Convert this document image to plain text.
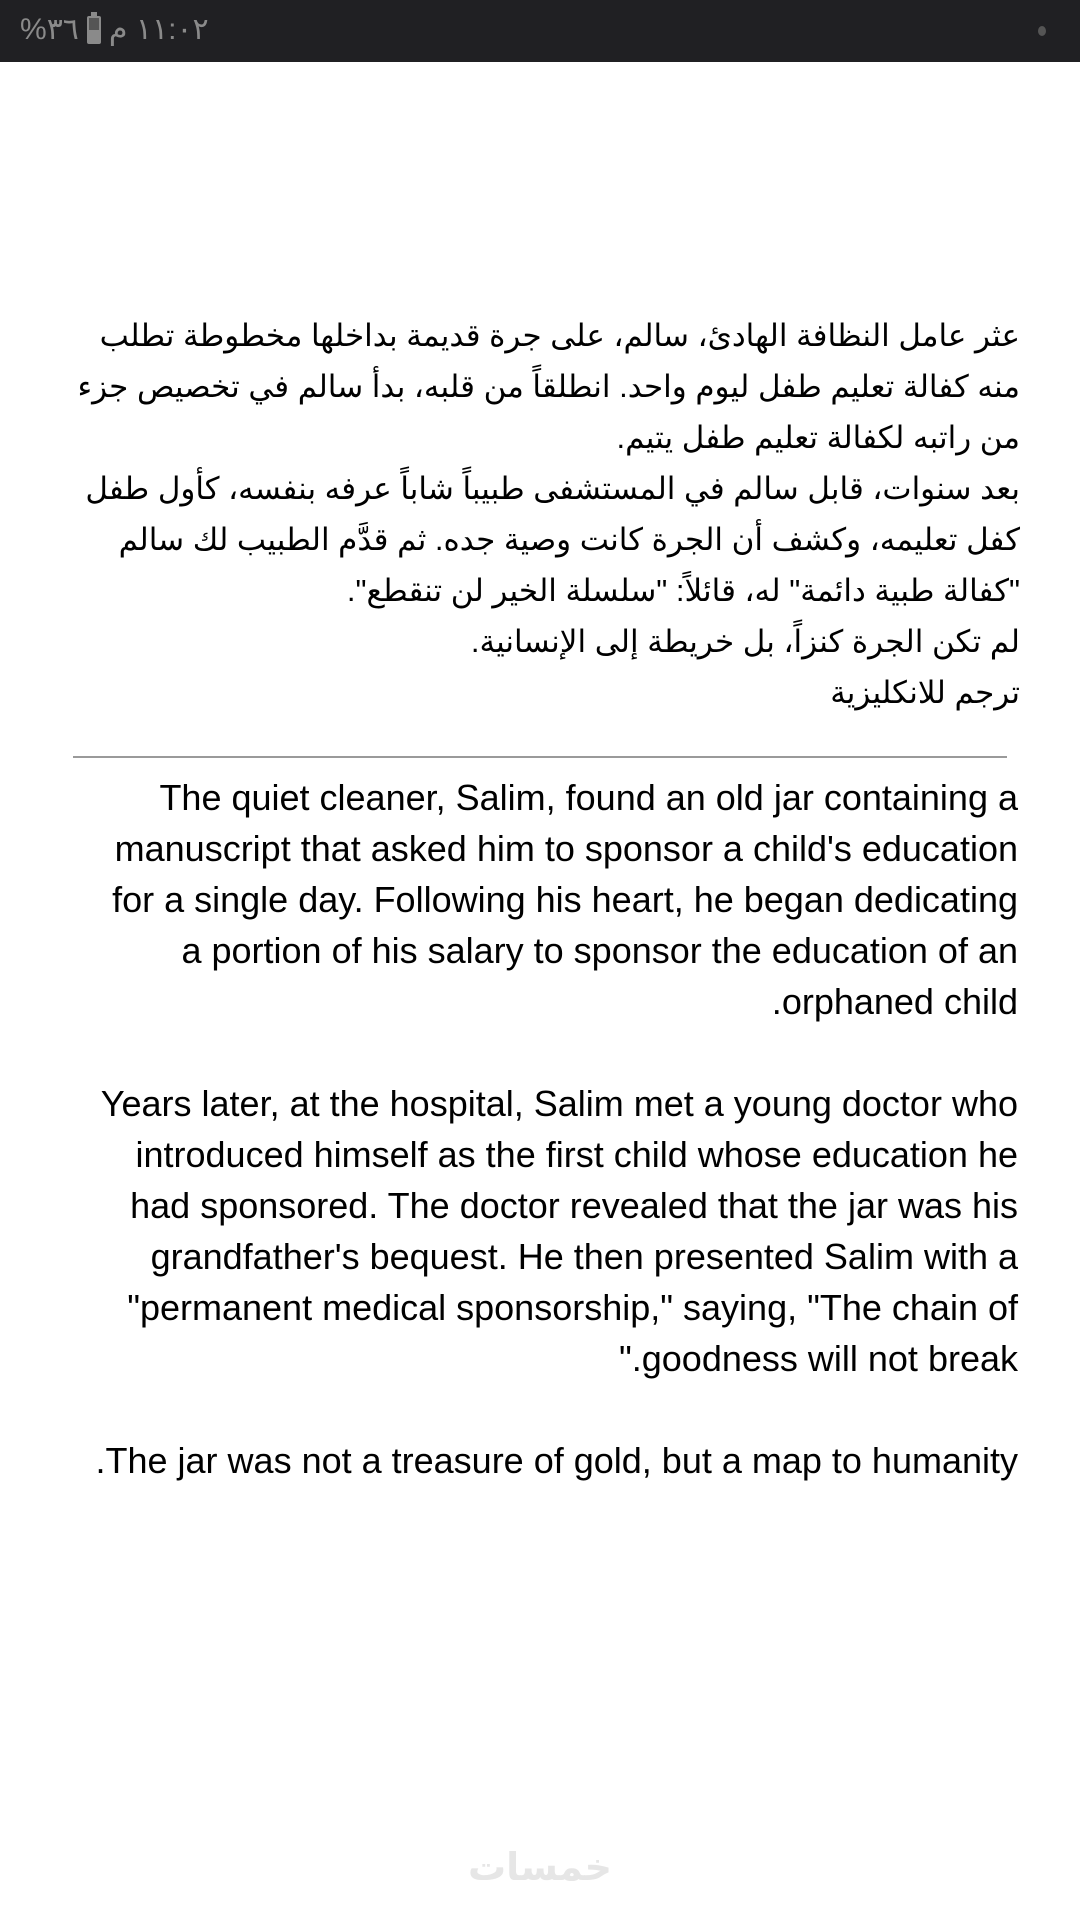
٣٦% ١١:٠٢ م

عثر عامل النظافة الهادئ، سالم، على جرة قديمة بداخلها مخطوطة تطلب منه كفالة تعليم طفل ليوم واحد. انطلقاً من قلبه، بدأ سالم في تخصيص جزء من راتبه لكفالة تعليم طفل يتيم.

بعد سنوات، قابل سالم في المستشفى طبيباً شاباً عرفه بنفسه، كأول طفل كفل تعليمه، وكشف أن الجرة كانت وصية جده. ثم قدَّم الطبيب لك سالم "كفالة طبية دائمة" له، قائلاً: "سلسلة الخير لن تنقطع".

لم تكن الجرة كنزاً، بل خريطة إلى الإنسانية.

ترجم للانكليزية

The quiet cleaner, Salim, found an old jar containing a manuscript that asked him to sponsor a child's education for a single day. Following his heart, he began dedicating a portion of his salary to sponsor the education of an orphaned child.

Years later, at the hospital, Salim met a young doctor who introduced himself as the first child whose education he had sponsored. The doctor revealed that the jar was his grandfather's bequest. He then presented Salim with a "permanent medical sponsorship," saying, "The chain of goodness will not break."

The jar was not a treasure of gold, but a map to humanity.

خمسات
